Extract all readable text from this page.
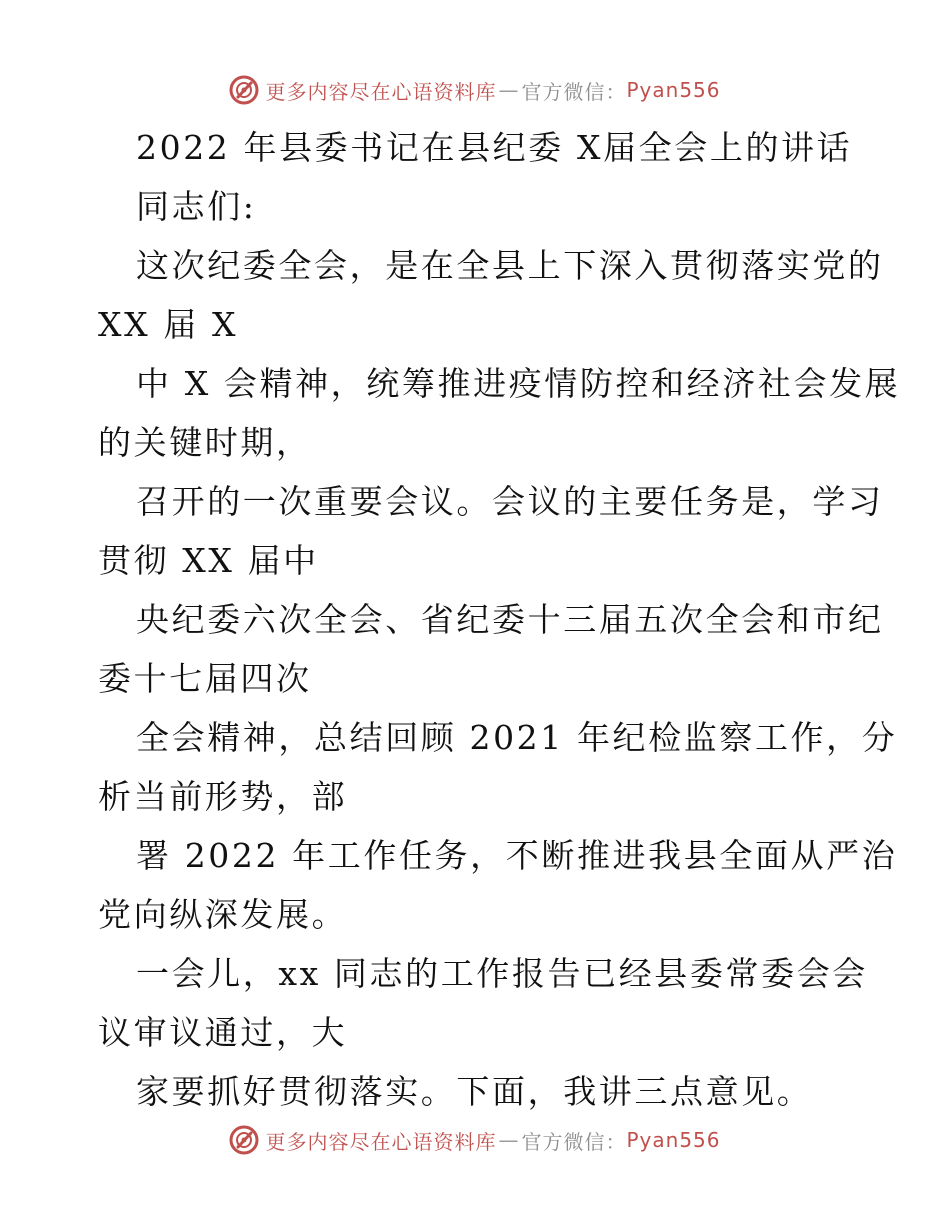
更多内容尽在心语资料库 — 官方微信： Pyan556
2022 年县委书记在县纪委 X届全会上的讲话
同志们:
这次纪委全会，是在全县上下深入贯彻落实党的
XX 届 X
中 X 会精神，统筹推进疫情防控和经济社会发展
的关键时期，
召开的一次重要会议。会议的主要任务是，学习
贯彻 XX 届中
央纪委六次全会、省纪委十三届五次全会和市纪
委十七届四次
全会精神，总结回顾 2021 年纪检监察工作，分
析当前形势，部
署 2022 年工作任务，不断推进我县全面从严治
党向纵深发展。
一会儿，xx 同志的工作报告已经县委常委会会
议审议通过，大
家要抓好贯彻落实。下面，我讲三点意见。
更多内容尽在心语资料库 — 官方微信： Pyan556
